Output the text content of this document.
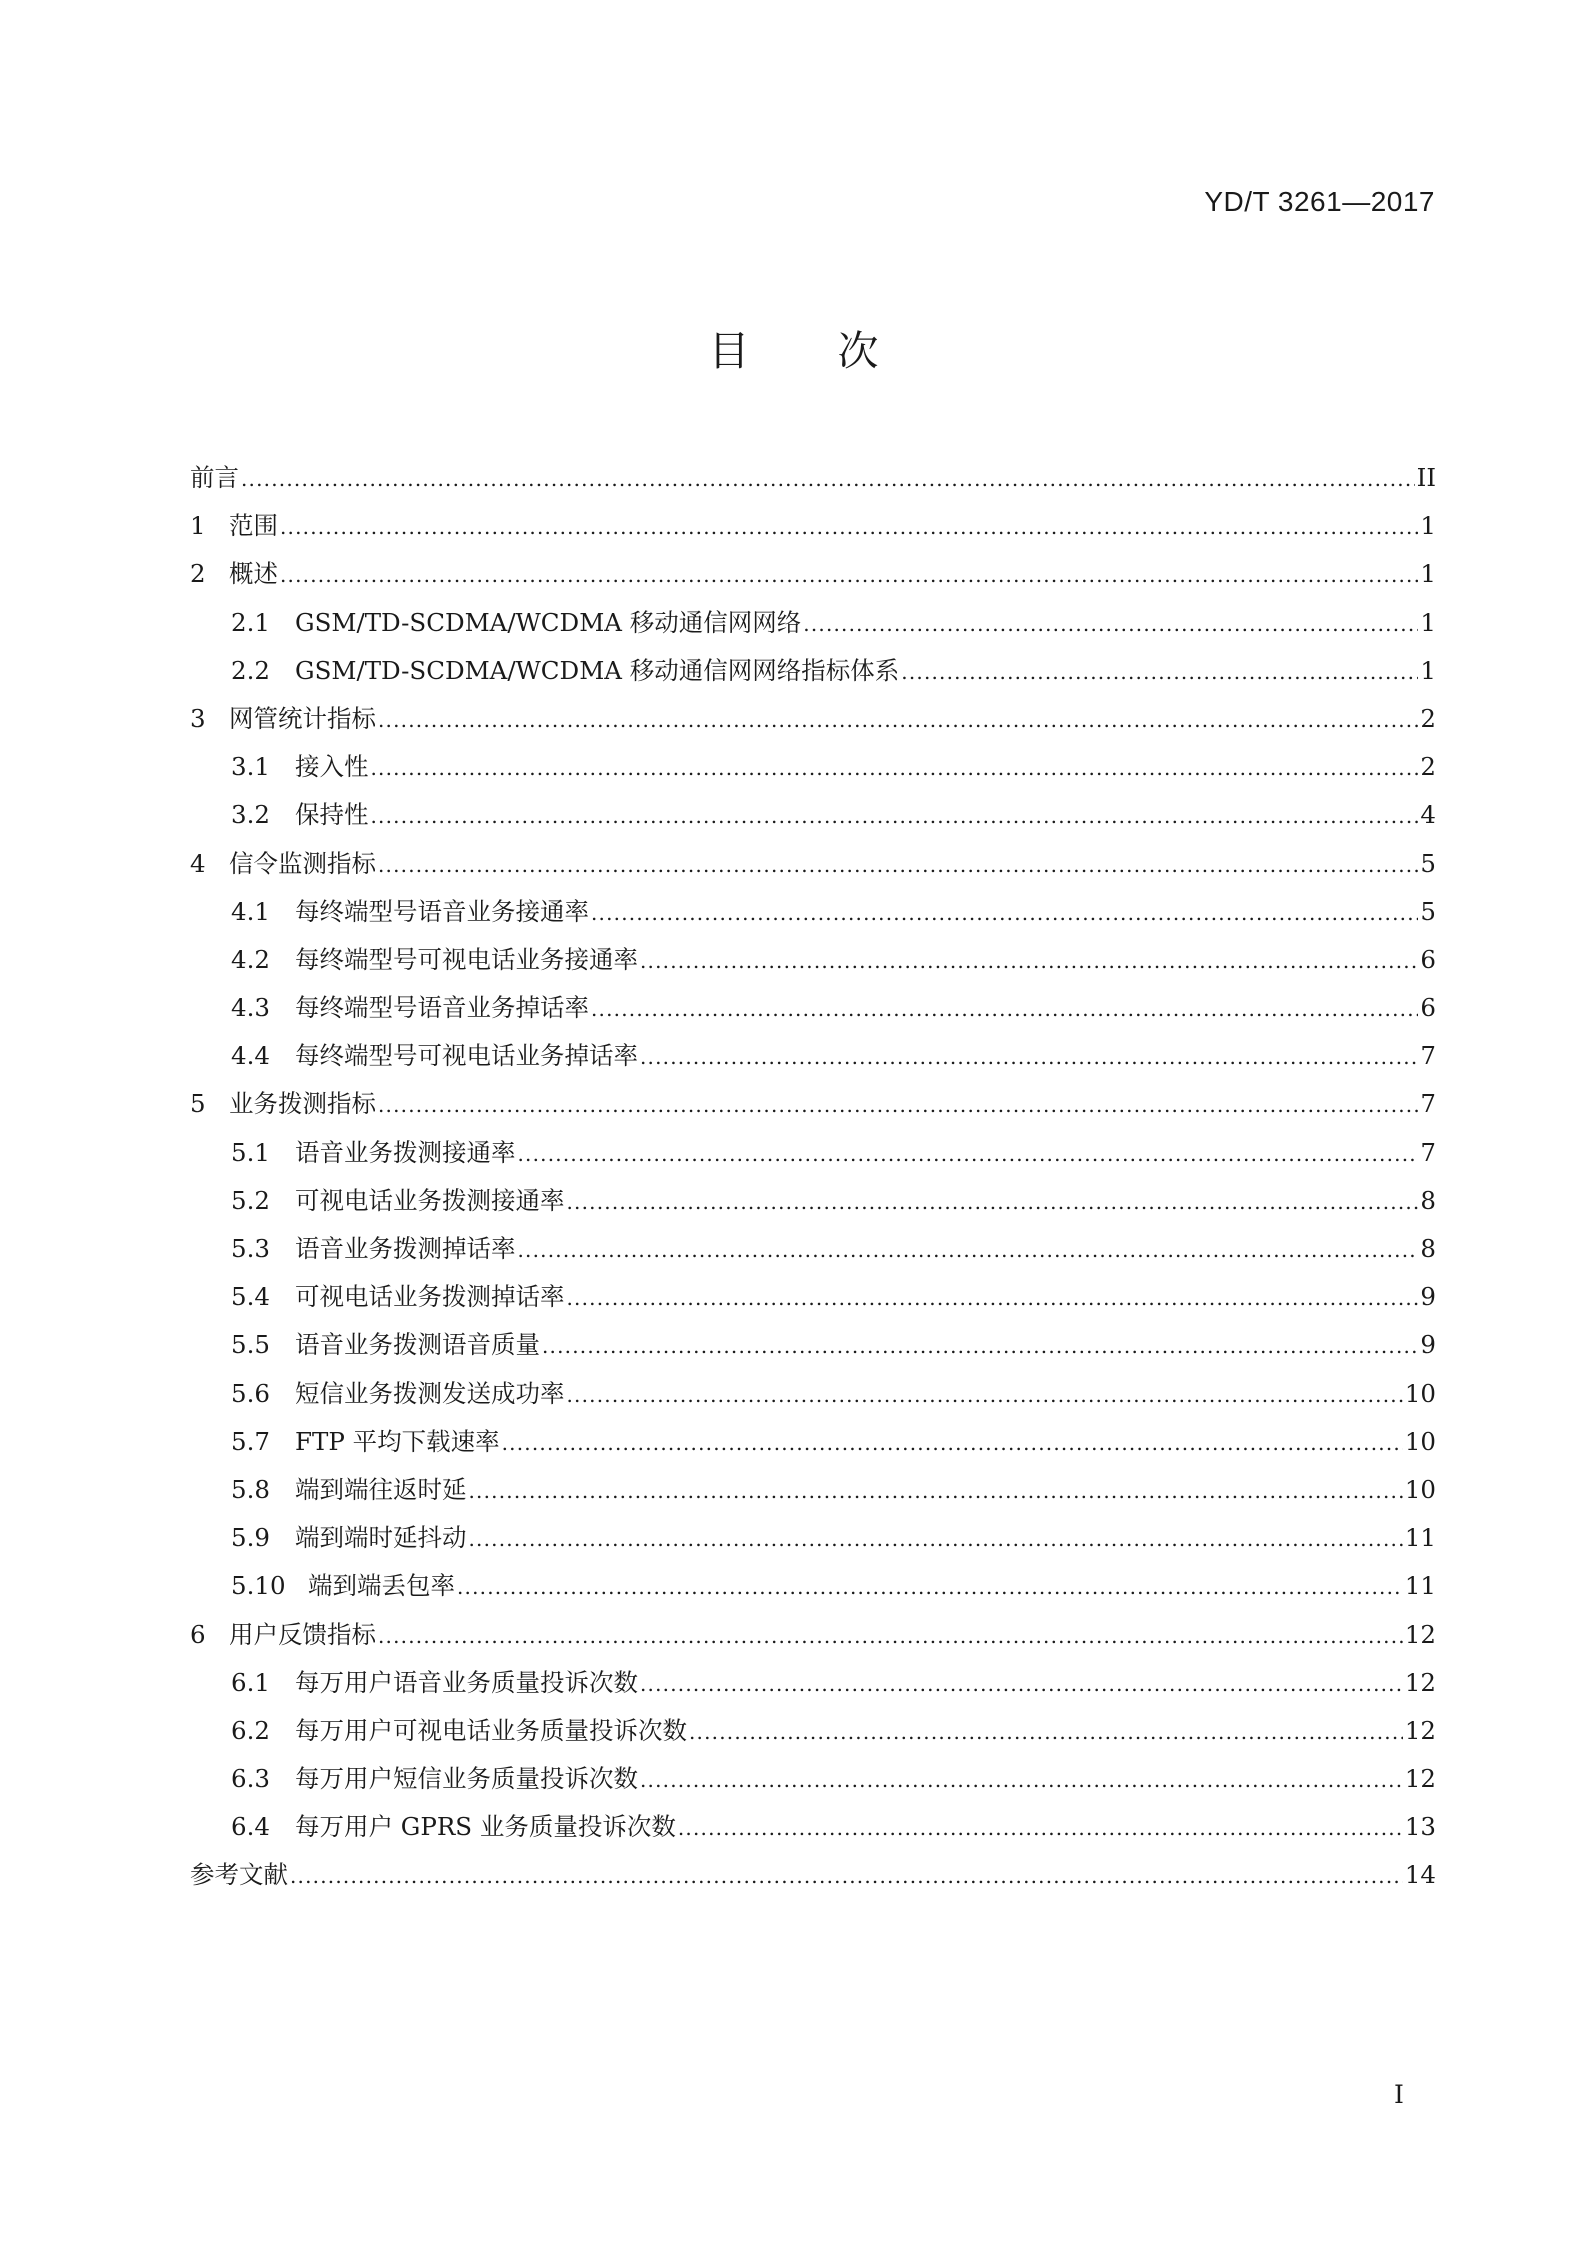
YD/T 3261—2017
目次
前言 .....	II
1 范围 .....	1
2 概述 .....	1
2.1	GSM/TD-SCDMA/WCDMA 移动通信网网络 .....	1
2.2	GSM/TD-SCDMA/WCDMA 移动通信网网络指标体系 .....	1
3 网管统计指标 .....	2
3.1	接入性 .....	2
3.2	保持性 .....	4
4 信令监测指标 .....	5
4.1	每终端型号语音业务接通率 .....	5
4.2	每终端型号可视电话业务接通率 .....	6
4.3	每终端型号语音业务掉话率 .....	6
4.4	每终端型号可视电话业务掉话率 .....	7
5 业务拨测指标 .....	7
5.1	语音业务拨测接通率 .....	7
5.2	可视电话业务拨测接通率 .....	8
5.3	语音业务拨测掉话率 .....	8
5.4	可视电话业务拨测掉话率 .....	9
5.5	语音业务拨测语音质量 .....	9
5.6	短信业务拨测发送成功率 .....	10
5.7	FTP 平均下载速率 .....	10
5.8	端到端往返时延 .....	10
5.9	端到端时延抖动 .....	11
5.10 端到端丢包率 .....	11
6 用户反馈指标 .....	12
6.1	每万用户语音业务质量投诉次数 .....	12
6.2	每万用户可视电话业务质量投诉次数 .....	12
6.3	每万用户短信业务质量投诉次数 .....	12
6.4	每万用户 GPRS 业务质量投诉次数 .....	13
参考文献 .....	14
I
